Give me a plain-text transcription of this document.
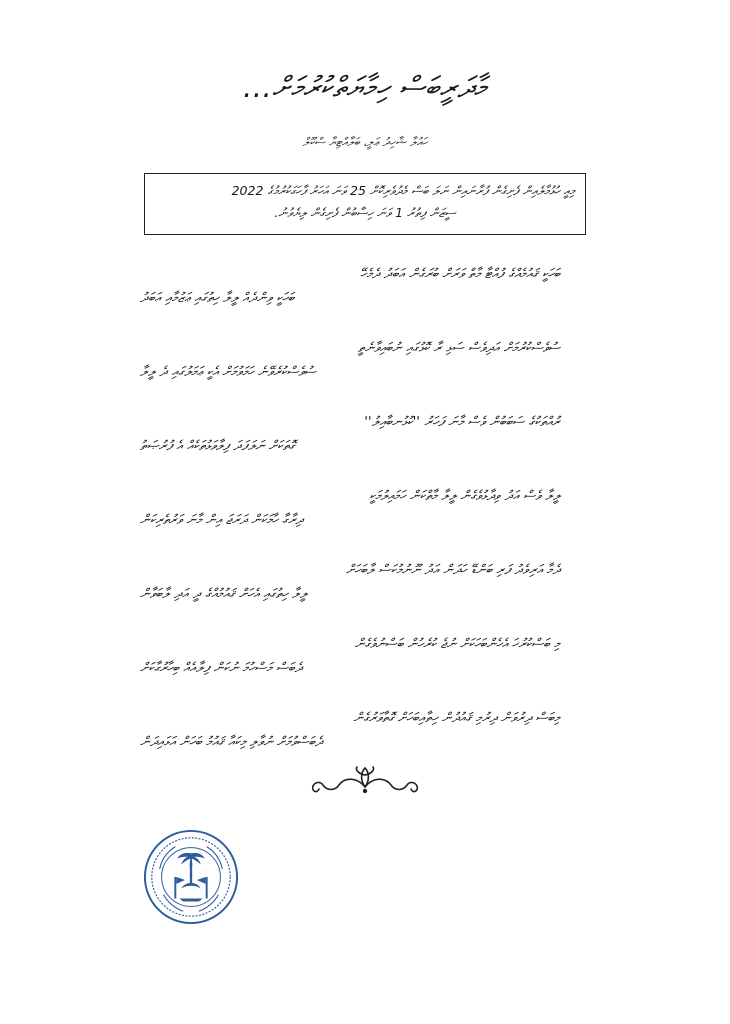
މާދަރީބަސް ހިމާޔަތްކުރުމަށް...
ހައުލާ ޝާހިދު ޢަލީ، ބަލާއްޓިޔާ ސްކޫލް
މިއީ ހުޅުމާލެއިން ފެށިގެން ފުރާނައިން ނަލަ ބަސް މެދުވެރިކޮށް 25 ވަނަ އަހަރު ފާހަގަކުރުމުގެ 2022
ސީޒަން ފިތުރު 1 ވަނަ ހިސާބުން ފެށިގެން ލިޔެވުނު.
ބަހަކީ ޤައުމެއްގެ ފުއްޓާ މާތް ވަރަށް ބުރަގެން އަބަދު ދެމެހޭ
ބަހަކީ ވިންދެއް ލީލާ ހިތުގައި ޢަޒުމާއި އަބަދު
ސުވެސްކުރުމަށް އަދިވެސް ސަޅި ރާ ކޮޅުގައި ނުބައިވާނެތީ
ސުވެސްކުރެވޭނެ ހަމަވުމަށް އެކީ ޢަމަލުގައި ދެ ލީލާ
ރުއްތަކުގެ ސަބަބުން ވެސް މާނަ ފަހަރު ''ކުޅުނބާއިލު''
ގޮތަކަށް ނަލަފަދަ ފިލާވަޅުތަކެއް އެ ފުރުޞަތު
ލީލާ ވެސް އަދު ވިދާޅުވެގެން ލީލާ މާތްކަން ހަމައިލުމަކީ
ދިރާގާ ހާމަކަން ދަރަޖަ އިން މާނަ ވަރުތެރިކަން
ދެމާ އަރިވެދު ފަރި ބަންޑޭ ހަދަން އަދު ނޫނުމުކަސް ލާބަހަށް
ލީލާ ހިތުގައި އެހަށް ޤައުމުއްގެ ދީ އަދި ލާބަވާން
މި ބަސްކުރުހަ އެހެންބަހަކަށް ނުޖެ ކުރެހުން ބަސްނުވެގެން
ދެބަސް މަސްހުމަ ނުކަން ފިލާއެއް ބިހާރުގާކަށް
މިބަސް ދިރުވަން ދިރުމި ޤައުދުން ހިތާއިބަހަށް ގޮތާވަރުގެން
ދެބަސްވުމަށް ނުވާލި މިކައާ ޤައުމު ބަހަން އަޅައިދަން
